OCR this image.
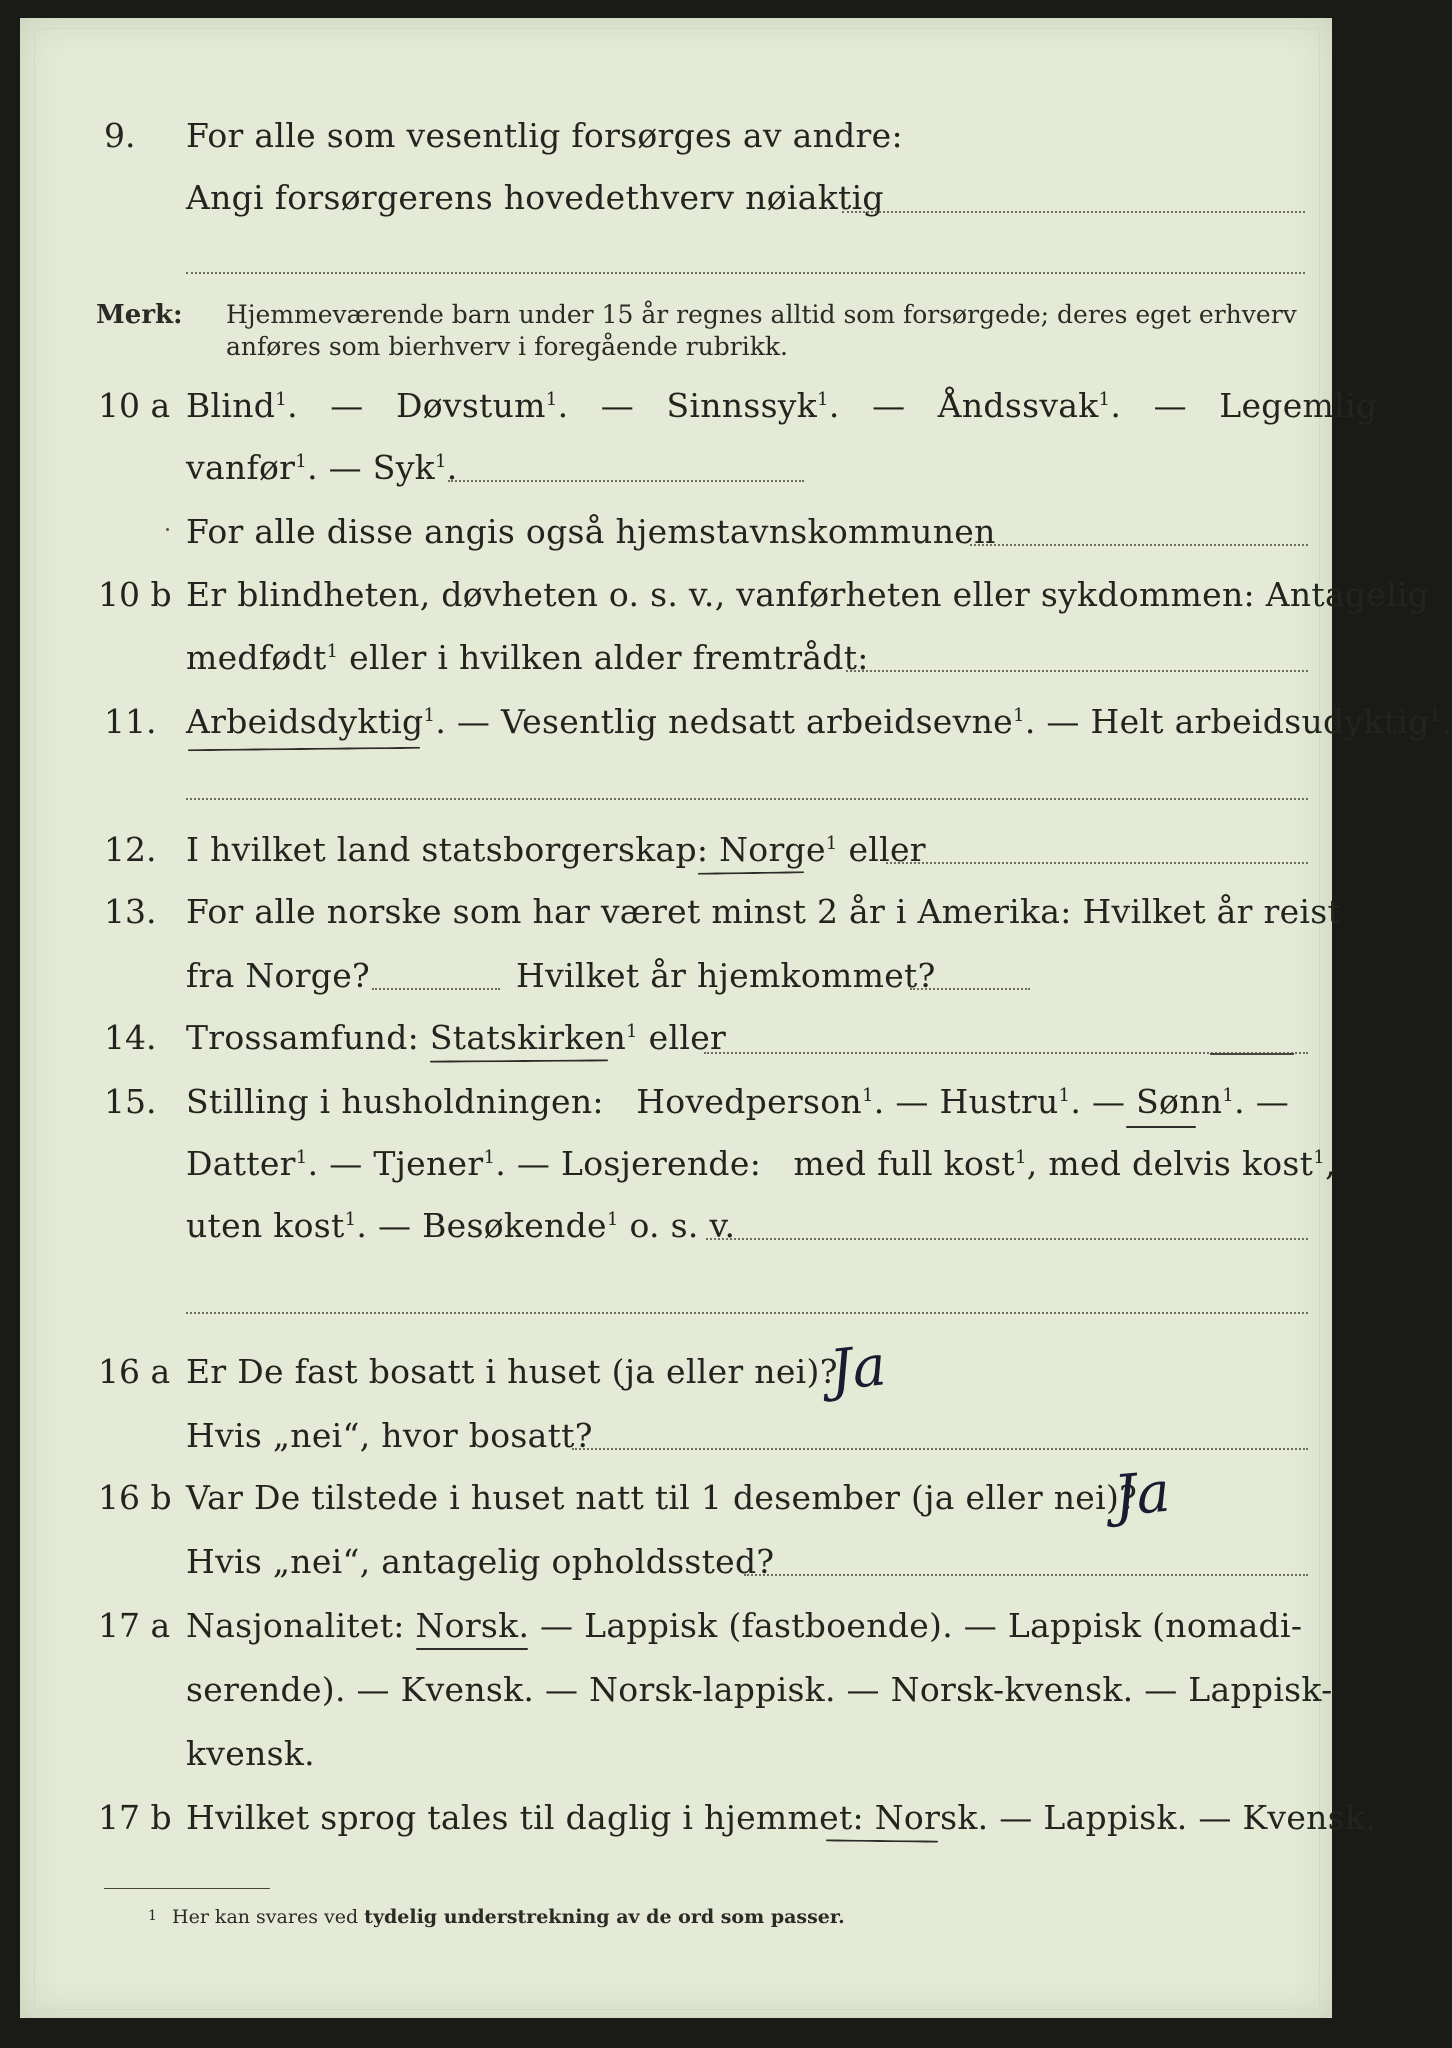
9. For alle som vesentlig forsørges av andre:
Angi forsørgerens hovedethverv nøiaktig
Merk: Hjemmeværende barn under 15 år regnes alltid som forsørgede; deres eget erhverv
anføres som bierhverv i foregående rubrikk.
10 a Blind$^1$.   — Døvstum$^1$.   — Sinnssyk$^1$.   — Åndssvak$^1$.   — Legemlig
vanfør$^1$. — Syk$^1$.
For alle disse angis også hjemstavnskommunen
10 b Er blindheten, døvheten o. s. v., vanførheten eller sykdommen: Antagelig
medfødt$^1$ eller i hvilken alder fremtrådt:
11. Arbeidsdyktig$^1$. — Vesentlig nedsatt arbeidsevne$^1$. — Helt arbeidsudyktig$^1$.
12. I hvilket land statsborgerskap: Norge$^1$ eller
13. For alle norske som har været minst 2 år i Amerika: Hvilket år reist
fra Norge?	Hvilket år hjemkommet?
14. Trossamfund: Statskirken$^1$ eller
15. Stilling i husholdningen: Hovedperson$^1$. — Hustru$^1$. — Sønn$^1$. —
Datter$^1$. — Tjener$^1$. — Losjerende: med full kost$^1$, med delvis kost$^1$,
uten kost$^1$. — Besøkende$^1$ o. s. v.
16 a Er De fast bosatt i huset (ja eller nei)?
Ja
Hvis „nei“, hvor bosatt?
16 b Var De tilstede i huset natt til 1 desember (ja eller nei)?
Ja
Hvis „nei“, antagelig opholdssted?
17 a Nasjonalitet: Norsk. — Lappisk (fastboende). — Lappisk (nomadi-
serende). — Kvensk. — Norsk-lappisk. — Norsk-kvensk. — Lappisk-
kvensk.
17 b Hvilket sprog tales til daglig i hjemmet: Norsk. — Lappisk. — Kvensk.
1 Her kan svares ved tydelig understrekning av de ord som passer.
